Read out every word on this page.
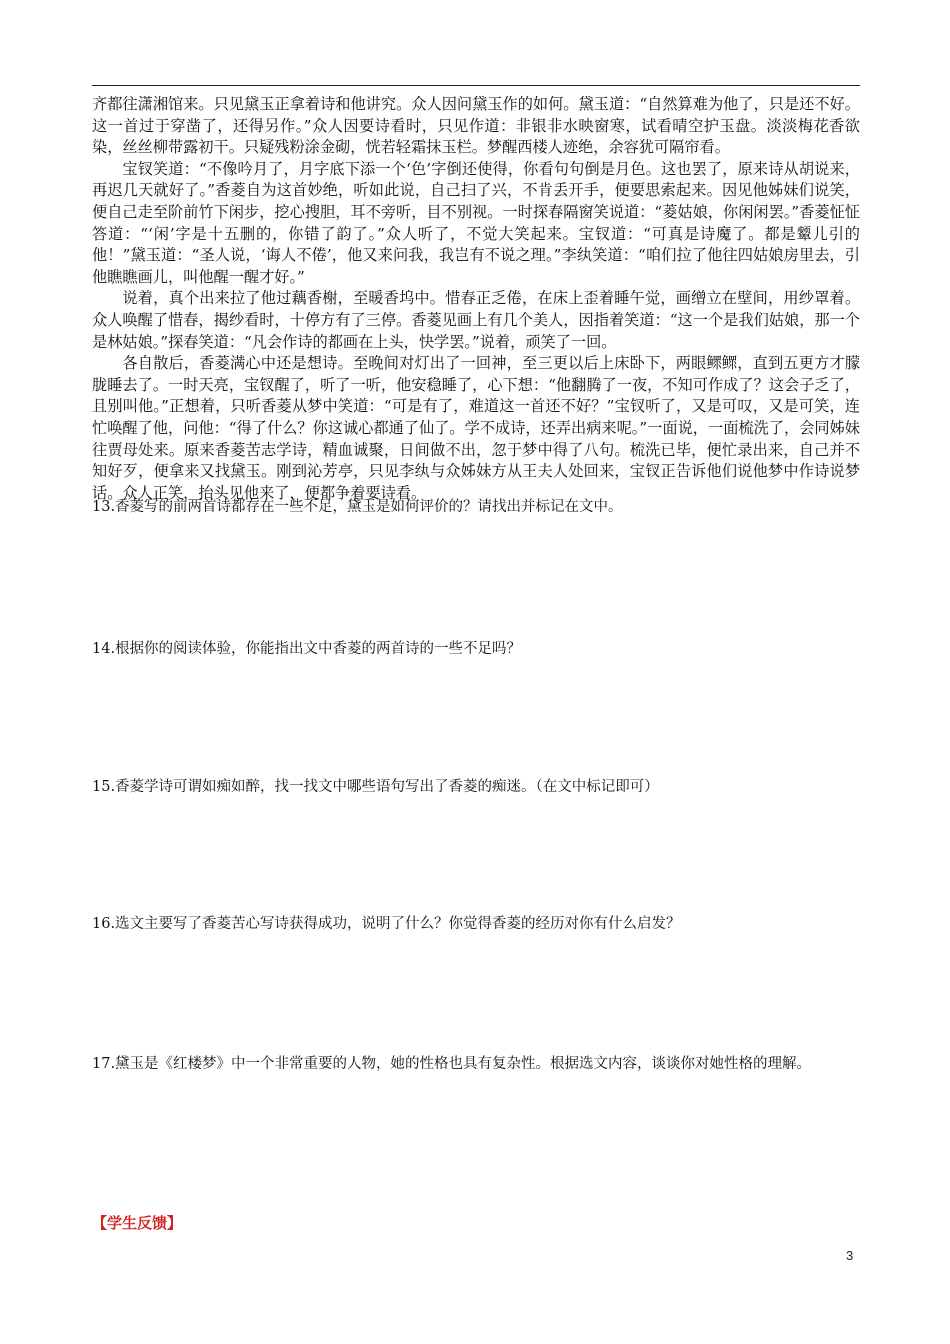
齐都往潇湘馆来。只见黛玉正拿着诗和他讲究。众人因问黛玉作的如何。黛玉道：“自然算难为他了，只是还不好。这一首过于穿凿了，还得另作。”众人因要诗看时，只见作道：非银非水映窗寒，试看晴空护玉盘。淡淡梅花香欲染，丝丝柳带露初干。只疑残粉涂金砌，恍若轻霜抹玉栏。梦醒西楼人迹绝，余容犹可隔帘看。

宝钗笑道：“不像吟月了，月字底下添一个‘色’字倒还使得，你看句句倒是月色。这也罢了，原来诗从胡说来，再迟几天就好了。”香菱自为这首妙绝，听如此说，自己扫了兴，不肯丢开手，便要思索起来。因见他姊妹们说笑，便自己走至阶前竹下闲步，挖心搜胆，耳不旁听，目不别视。一时探春隔窗笑说道：“菱姑娘，你闲闲罢。”香菱怔怔答道：“‘闲’字是十五删的，你错了韵了。”众人听了，不觉大笑起来。宝钗道：“可真是诗魔了。都是颦儿引的他！”黛玉道：“圣人说，‘诲人不倦’，他又来问我，我岂有不说之理。”李纨笑道：“咱们拉了他往四姑娘房里去，引他瞧瞧画儿，叫他醒一醒才好。”

说着，真个出来拉了他过藕香榭，至暖香坞中。惜春正乏倦，在床上歪着睡午觉，画缯立在壁间，用纱罩着。众人唤醒了惜春，揭纱看时，十停方有了三停。香菱见画上有几个美人，因指着笑道：“这一个是我们姑娘，那一个是林姑娘。”探春笑道：“凡会作诗的都画在上头，快学罢。”说着，顽笑了一回。

各自散后，香菱满心中还是想诗。至晚间对灯出了一回神，至三更以后上床卧下，两眼鳏鳏，直到五更方才朦胧睡去了。一时天亮，宝钗醒了，听了一听，他安稳睡了，心下想：“他翻腾了一夜，不知可作成了？这会子乏了，且别叫他。”正想着，只听香菱从梦中笑道：“可是有了，难道这一首还不好？”宝钗听了，又是可叹，又是可笑，连忙唤醒了他，问他：“得了什么？你这诚心都通了仙了。学不成诗，还弄出病来呢。”一面说，一面梳洗了，会同姊妹往贾母处来。原来香菱苦志学诗，精血诚聚，日间做不出，忽于梦中得了八句。梳洗已毕，便忙录出来，自己并不知好歹，便拿来又找黛玉。刚到沁芳亭，只见李纨与众姊妹方从王夫人处回来，宝钗正告诉他们说他梦中作诗说梦话。众人正笑，抬头见他来了，便都争着要诗看。

13.香菱写的前两首诗都存在一些不足，黛玉是如何评价的？请找出并标记在文中。
14.根据你的阅读体验，你能指出文中香菱的两首诗的一些不足吗？
15.香菱学诗可谓如痴如醉，找一找文中哪些语句写出了香菱的痴迷。（在文中标记即可）
16.选文主要写了香菱苦心写诗获得成功，说明了什么？你觉得香菱的经历对你有什么启发？
17.黛玉是《红楼梦》中一个非常重要的人物，她的性格也具有复杂性。根据选文内容，谈谈你对她性格的理解。
【学生反馈】
3
